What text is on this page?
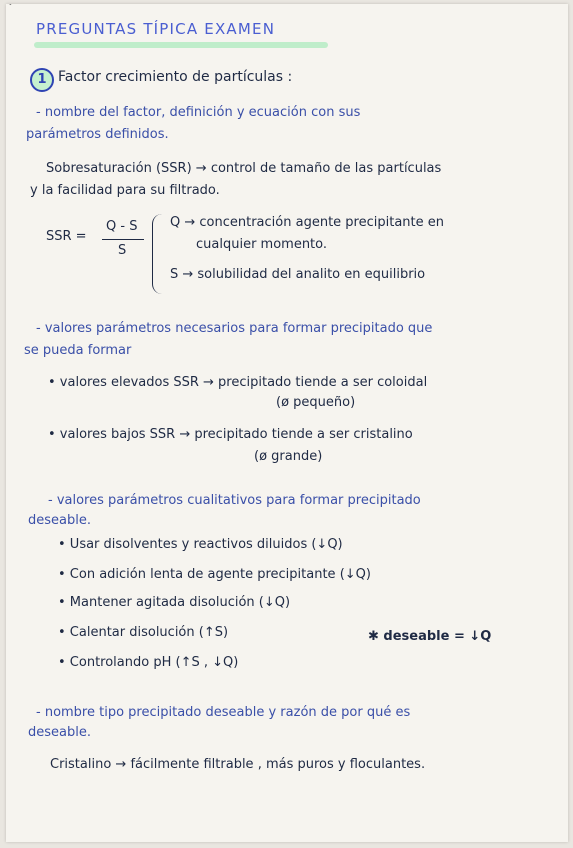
PREGUNTAS TÍPICA EXAMEN
1 Factor crecimiento de partículas :
- nombre del factor, definición y ecuación con sus
parámetros definidos.
Sobresaturación (SSR) → control de tamaño de las partículas
y la facilidad para su filtrado.
SSR =
Q - S
S
Q → concentración agente precipitante en
cualquier momento.
S → solubilidad del analito en equilibrio
- valores parámetros necesarios para formar precipitado que
se pueda formar
• valores elevados SSR → precipitado tiende a ser coloidal
(ø pequeño)
• valores bajos SSR → precipitado tiende a ser cristalino
(ø grande)
- valores parámetros cualitativos para formar precipitado
deseable.
• Usar disolventes y reactivos diluidos (↓Q)
• Con adición lenta de agente precipitante (↓Q)
• Mantener agitada disolución (↓Q)
• Calentar disolución (↑S)	✱ deseable = ↓Q
• Controlando pH (↑S , ↓Q)
- nombre tipo precipitado deseable y razón de por qué es
deseable.
Cristalino → fácilmente filtrable , más puros y floculantes.
